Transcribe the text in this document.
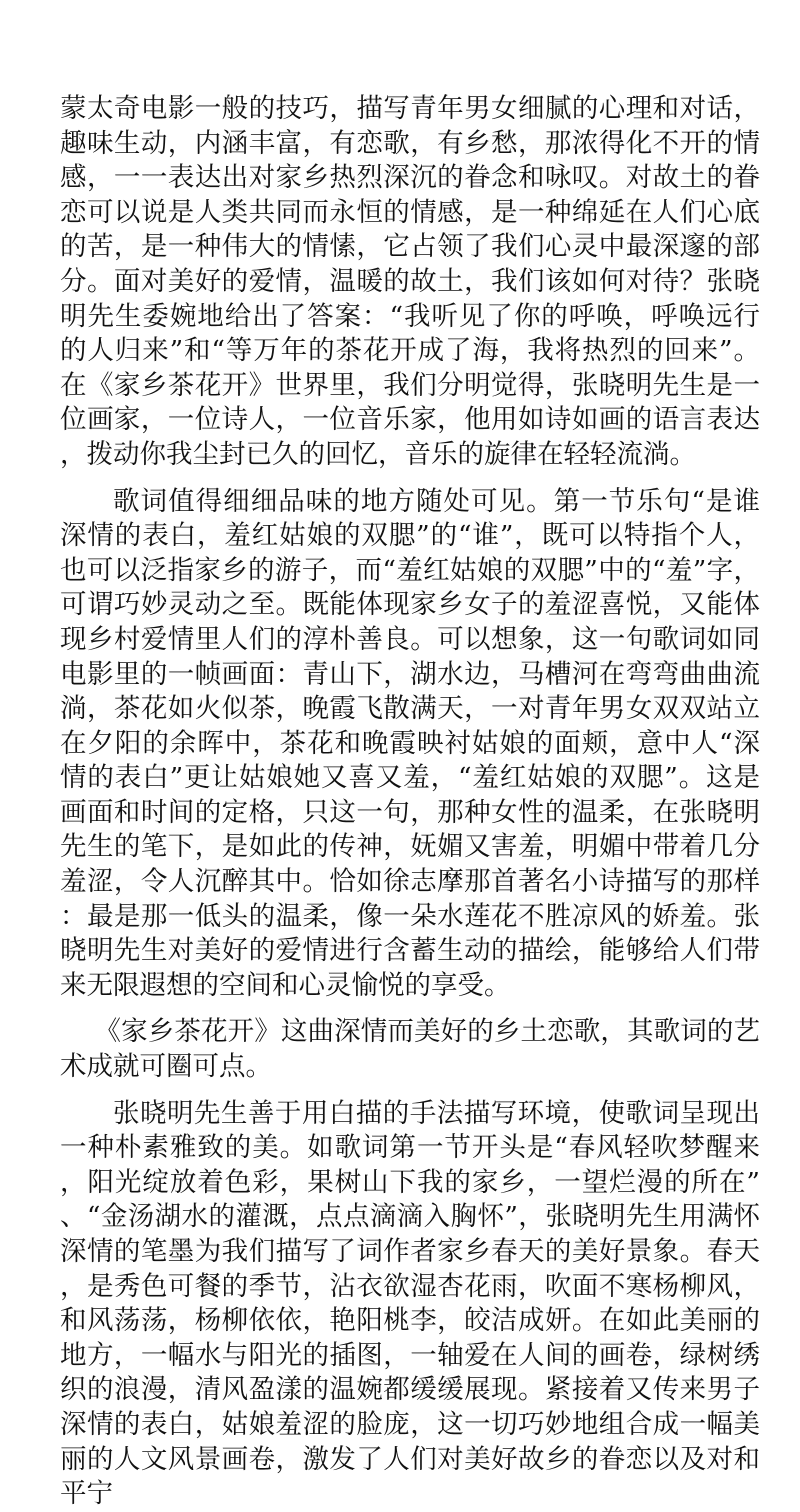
蒙太奇电影一般的技巧，描写青年男女细腻的心理和对话，趣味生动，内涵丰富，有恋歌，有乡愁，那浓得化不开的情感，一一表达出对家乡热烈深沉的眷念和咏叹。对故土的眷恋可以说是人类共同而永恒的情感，是一种绵延在人们心底的苦，是一种伟大的情愫，它占领了我们心灵中最深邃的部分。面对美好的爱情，温暖的故土，我们该如何对待？张晓明先生委婉地给出了答案：“我听见了你的呼唤，呼唤远行的人归来”和“等万年的茶花开成了海，我将热烈的回来”。在《家乡茶花开》世界里，我们分明觉得，张晓明先生是一位画家，一位诗人，一位音乐家，他用如诗如画的语言表达，拨动你我尘封已久的回忆，音乐的旋律在轻轻流淌。

歌词值得细细品味的地方随处可见。第一节乐句“是谁深情的表白，羞红姑娘的双腮”的“谁”，既可以特指个人，也可以泛指家乡的游子，而“羞红姑娘的双腮”中的“羞”字，可谓巧妙灵动之至。既能体现家乡女子的羞涩喜悦，又能体现乡村爱情里人们的淳朴善良。可以想象，这一句歌词如同电影里的一帧画面：青山下，湖水边，马槽河在弯弯曲曲流淌，茶花如火似茶，晚霞飞散满天，一对青年男女双双站立在夕阳的余晖中，茶花和晚霞映衬姑娘的面颊，意中人“深情的表白”更让姑娘她又喜又羞，“羞红姑娘的双腮”。这是画面和时间的定格，只这一句，那种女性的温柔，在张晓明先生的笔下，是如此的传神，妩媚又害羞，明媚中带着几分羞涩，令人沉醉其中。恰如徐志摩那首著名小诗描写的那样：最是那一低头的温柔，像一朵水莲花不胜凉风的娇羞。张晓明先生对美好的爱情进行含蓄生动的描绘，能够给人们带来无限遐想的空间和心灵愉悦的享受。

《家乡茶花开》这曲深情而美好的乡土恋歌，其歌词的艺术成就可圈可点。

张晓明先生善于用白描的手法描写环境，使歌词呈现出一种朴素雅致的美。如歌词第一节开头是“春风轻吹梦醒来，阳光绽放着色彩，果树山下我的家乡，一望烂漫的所在”、“金汤湖水的灌溉，点点滴滴入胸怀”，张晓明先生用满怀深情的笔墨为我们描写了词作者家乡春天的美好景象。春天，是秀色可餐的季节，沾衣欲湿杏花雨，吹面不寒杨柳风，和风荡荡，杨柳依依，艳阳桃李，皎洁成妍。在如此美丽的地方，一幅水与阳光的插图，一轴爱在人间的画卷，绿树绣织的浪漫，清风盈漾的温婉都缓缓展现。紧接着又传来男子深情的表白，姑娘羞涩的脸庞，这一切巧妙地组合成一幅美丽的人文风景画卷，激发了人们对美好故乡的眷恋以及对和平宁
